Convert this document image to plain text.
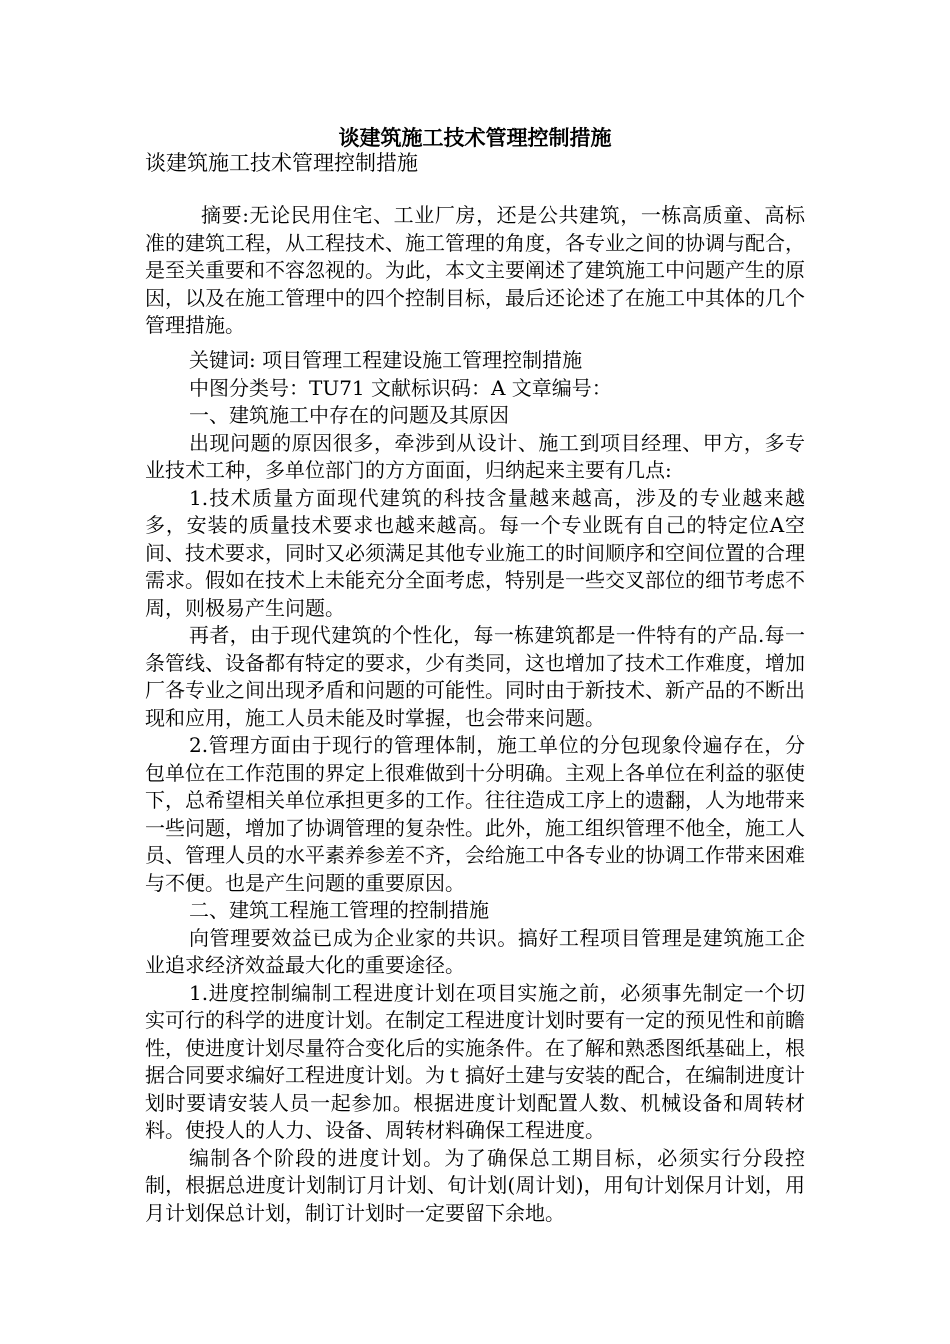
谈建筑施工技术管理控制措施
谈建筑施工技术管理控制措施

摘要:无论民用住宅、工业厂房，还是公共建筑，一栋高质童、高标准的建筑工程，从工程技术、施工管理的角度，各专业之间的协调与配合，是至关重要和不容忽视的。为此，本文主要阐述了建筑施工中问题产生的原因，以及在施工管理中的四个控制目标，最后还论述了在施工中其体的几个管理措施。

关键词: 项目管理工程建设施工管理控制措施

中图分类号：TU71 文献标识码：A 文章编号：

一、建筑施工中存在的问题及其原因

出现问题的原因很多，牵涉到从设计、施工到项目经理、甲方，多专业技术工种，多单位部门的方方面面，归纳起来主要有几点:

1.技术质量方面现代建筑的科技含量越来越高，涉及的专业越来越多，安装的质量技术要求也越来越高。每一个专业既有自己的特定位A空间、技术要求，同时又必须满足其他专业施工的时间顺序和空间位置的合理需求。假如在技术上未能充分全面考虑，特别是一些交叉部位的细节考虑不周，则极易产生问题。

再者，由于现代建筑的个性化，每一栋建筑都是一件特有的产品.每一条管线、设备都有特定的要求，少有类同，这也增加了技术工作难度，增加厂各专业之间出现矛盾和问题的可能性。同时由于新技术、新产品的不断出现和应用，施工人员未能及时掌握，也会带来问题。

2.管理方面由于现行的管理体制，施工单位的分包现象伶遍存在，分包单位在工作范围的界定上很难做到十分明确。主观上各单位在利益的驱使下，总希望相关单位承担更多的工作。往往造成工序上的遗翻，人为地带来一些问题，增加了协调管理的复杂性。此外，施工组织管理不他全，施工人员、管理人员的水平素养参差不齐，会给施工中各专业的协调工作带来困难与不便。也是产生问题的重要原因。

二、建筑工程施工管理的控制措施

向管理要效益已成为企业家的共识。搞好工程项目管理是建筑施工企业追求经济效益最大化的重要途径。

1.进度控制编制工程进度计划在项目实施之前，必须事先制定一个切实可行的科学的进度计划。在制定工程进度计划时要有一定的预见性和前瞻性，使进度计划尽量符合变化后的实施条件。在了解和熟悉图纸基础上，根据合同要求编好工程进度计划。为ｔ搞好土建与安装的配合，在编制进度计划时要请安装人员一起参加。根据进度计划配置人数、机械设备和周转材料。使投人的人力、设备、周转材料确保工程进度。

编制各个阶段的进度计划。为了确保总工期目标，必须实行分段控制，根据总进度计划制订月计划、旬计划(周计划)，用旬计划保月计划，用月计划保总计划，制订计划时一定要留下余地。
